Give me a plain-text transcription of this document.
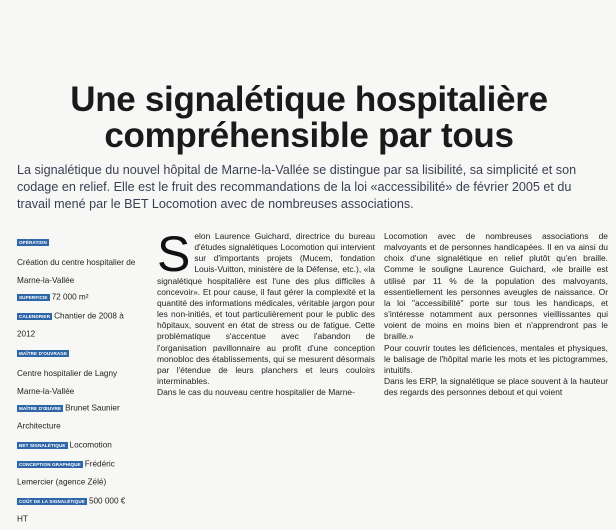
Une signalétique hospitalière
compréhensible par tous

La signalétique du nouvel hôpital de Marne-la-Vallée se distingue par sa lisibilité, sa simplicité et son codage en relief. Elle est le fruit des recommandations de la loi «accessibilité» de février 2005 et du travail mené par le BET Locomotion avec de nombreuses associations.

OPÉRATION
Création du centre hospitalier de Marne-la-Vallée
SUPERFICIE 72 000 m²
CALENDRIER Chantier de 2008 à 2012
MAÎTRE D'OUVRAGE
Centre hospitalier de Lagny Marne-la-Vallée
MAÎTRE D'ŒUVRE Brunet Saunier Architecture
BET SIGNALÉTIQUE Locomotion
CONCEPTION GRAPHIQUE Frédéric Lemercier (agence Zélé)
COÛT DE LA SIGNALÉTIQUE 500 000 € HT
S elon Laurence Guichard, directrice du bureau d'études signalétiques Locomotion qui intervient sur d'importants projets (Mucem, fondation Louis-Vuitton, ministère de la Défense, etc.), «la signalétique hospitalière est l'une des plus difficiles à concevoir». Et pour cause, il faut gérer la complexité et la quantité des informations médicales, véritable jargon pour les non-initiés, et tout particulièrement pour le public des hôpitaux, souvent en état de stress ou de fatigue. Cette problématique s'accentue avec l'abandon de l'organisation pavillonnaire au profit d'une conception monobloc des établissements, qui se mesurent désormais par l'étendue de leurs planchers et leurs couloirs interminables.

Dans le cas du nouveau centre hospitalier de Marne-

Locomotion avec de nombreuses associations de malvoyants et de personnes handicapées. Il en va ainsi du choix d'une signalétique en relief plutôt qu'en braille. Comme le souligne Laurence Guichard, «le braille est utilisé par 11 % de la population des malvoyants, essentiellement les personnes aveugles de naissance. Or la loi "accessibilité" porte sur tous les handicaps, et s'intéresse notamment aux personnes vieillissantes qui voient de moins en moins bien et n'apprendront pas le braille.»

Pour couvrir toutes les déficiences, mentales et physiques, le balisage de l'hôpital marie les mots et les pictogrammes, intuitifs.

Dans les ERP, la signalétique se place souvent à la hauteur des regards des personnes debout et qui voient
